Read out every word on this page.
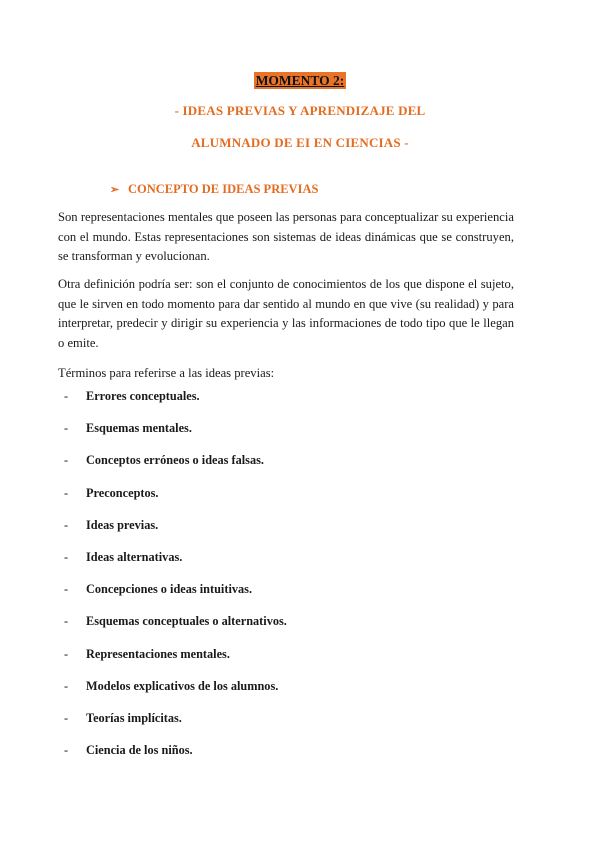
MOMENTO 2:
- IDEAS PREVIAS Y APRENDIZAJE DEL
ALUMNADO DE EI EN CIENCIAS -
➢ CONCEPTO DE IDEAS PREVIAS

Son representaciones mentales que poseen las personas para conceptualizar su experiencia con el mundo. Estas representaciones son sistemas de ideas dinámicas que se construyen, se transforman y evolucionan.

Otra definición podría ser: son el conjunto de conocimientos de los que dispone el sujeto, que le sirven en todo momento para dar sentido al mundo en que vive (su realidad) y para interpretar, predecir y dirigir su experiencia y las informaciones de todo tipo que le llegan o emite.

Términos para referirse a las ideas previas:

-	Errores conceptuales.
-	Esquemas mentales.
-	Conceptos erróneos o ideas falsas.
-	Preconceptos.
-	Ideas previas.
-	Ideas alternativas.
-	Concepciones o ideas intuitivas.
-	Esquemas conceptuales o alternativos.
-	Representaciones mentales.
-	Modelos explicativos de los alumnos.
-	Teorías implícitas.
-	Ciencia de los niños.
